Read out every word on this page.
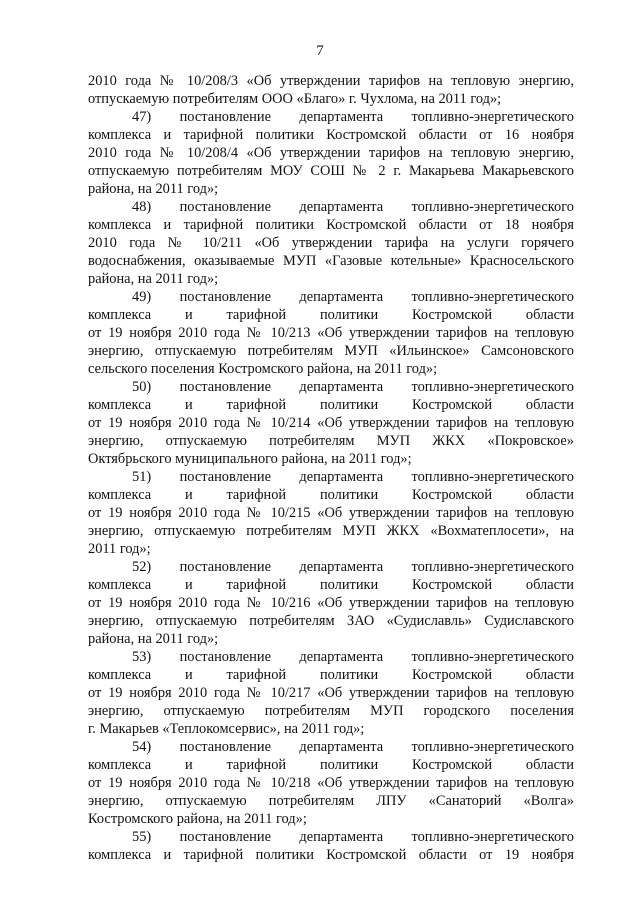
7
2010 года № 10/208/3 «Об утверждении тарифов на тепловую энергию,
отпускаемую потребителям ООО «Благо» г. Чухлома, на 2011 год»;
47) постановление департамента топливно-энергетического
комплекса и тарифной политики Костромской области от 16 ноября
2010 года № 10/208/4 «Об утверждении тарифов на тепловую энергию,
отпускаемую потребителям МОУ СОШ № 2 г. Макарьева Макарьевского
района, на 2011 год»;
48) постановление департамента топливно-энергетического
комплекса и тарифной политики Костромской области от 18 ноября
2010 года № 10/211 «Об утверждении тарифа на услуги горячего
водоснабжения, оказываемые МУП «Газовые котельные» Красносельского
района, на 2011 год»;
49) постановление департамента топливно-энергетического
комплекса и тарифной политики Костромской области
от 19 ноября 2010 года № 10/213 «Об утверждении тарифов на тепловую
энергию, отпускаемую потребителям МУП «Ильинское» Самсоновского
сельского поселения Костромского района, на 2011 год»;
50) постановление департамента топливно-энергетического
комплекса и тарифной политики Костромской области
от 19 ноября 2010 года № 10/214 «Об утверждении тарифов на тепловую
энергию, отпускаемую потребителям МУП ЖКХ «Покровское»
Октябрьского муниципального района, на 2011 год»;
51) постановление департамента топливно-энергетического
комплекса и тарифной политики Костромской области
от 19 ноября 2010 года № 10/215 «Об утверждении тарифов на тепловую
энергию, отпускаемую потребителям МУП ЖКХ «Вохматеплосети», на
2011 год»;
52) постановление департамента топливно-энергетического
комплекса и тарифной политики Костромской области
от 19 ноября 2010 года № 10/216 «Об утверждении тарифов на тепловую
энергию, отпускаемую потребителям ЗАО «Судиславль» Судиславского
района, на 2011 год»;
53) постановление департамента топливно-энергетического
комплекса и тарифной политики Костромской области
от 19 ноября 2010 года № 10/217 «Об утверждении тарифов на тепловую
энергию, отпускаемую потребителям МУП городского поселения
г. Макарьев «Теплокомсервис», на 2011 год»;
54) постановление департамента топливно-энергетического
комплекса и тарифной политики Костромской области
от 19 ноября 2010 года № 10/218 «Об утверждении тарифов на тепловую
энергию, отпускаемую потребителям ЛПУ «Санаторий «Волга»
Костромского района, на 2011 год»;
55) постановление департамента топливно-энергетического
комплекса и тарифной политики Костромской области от 19 ноября
